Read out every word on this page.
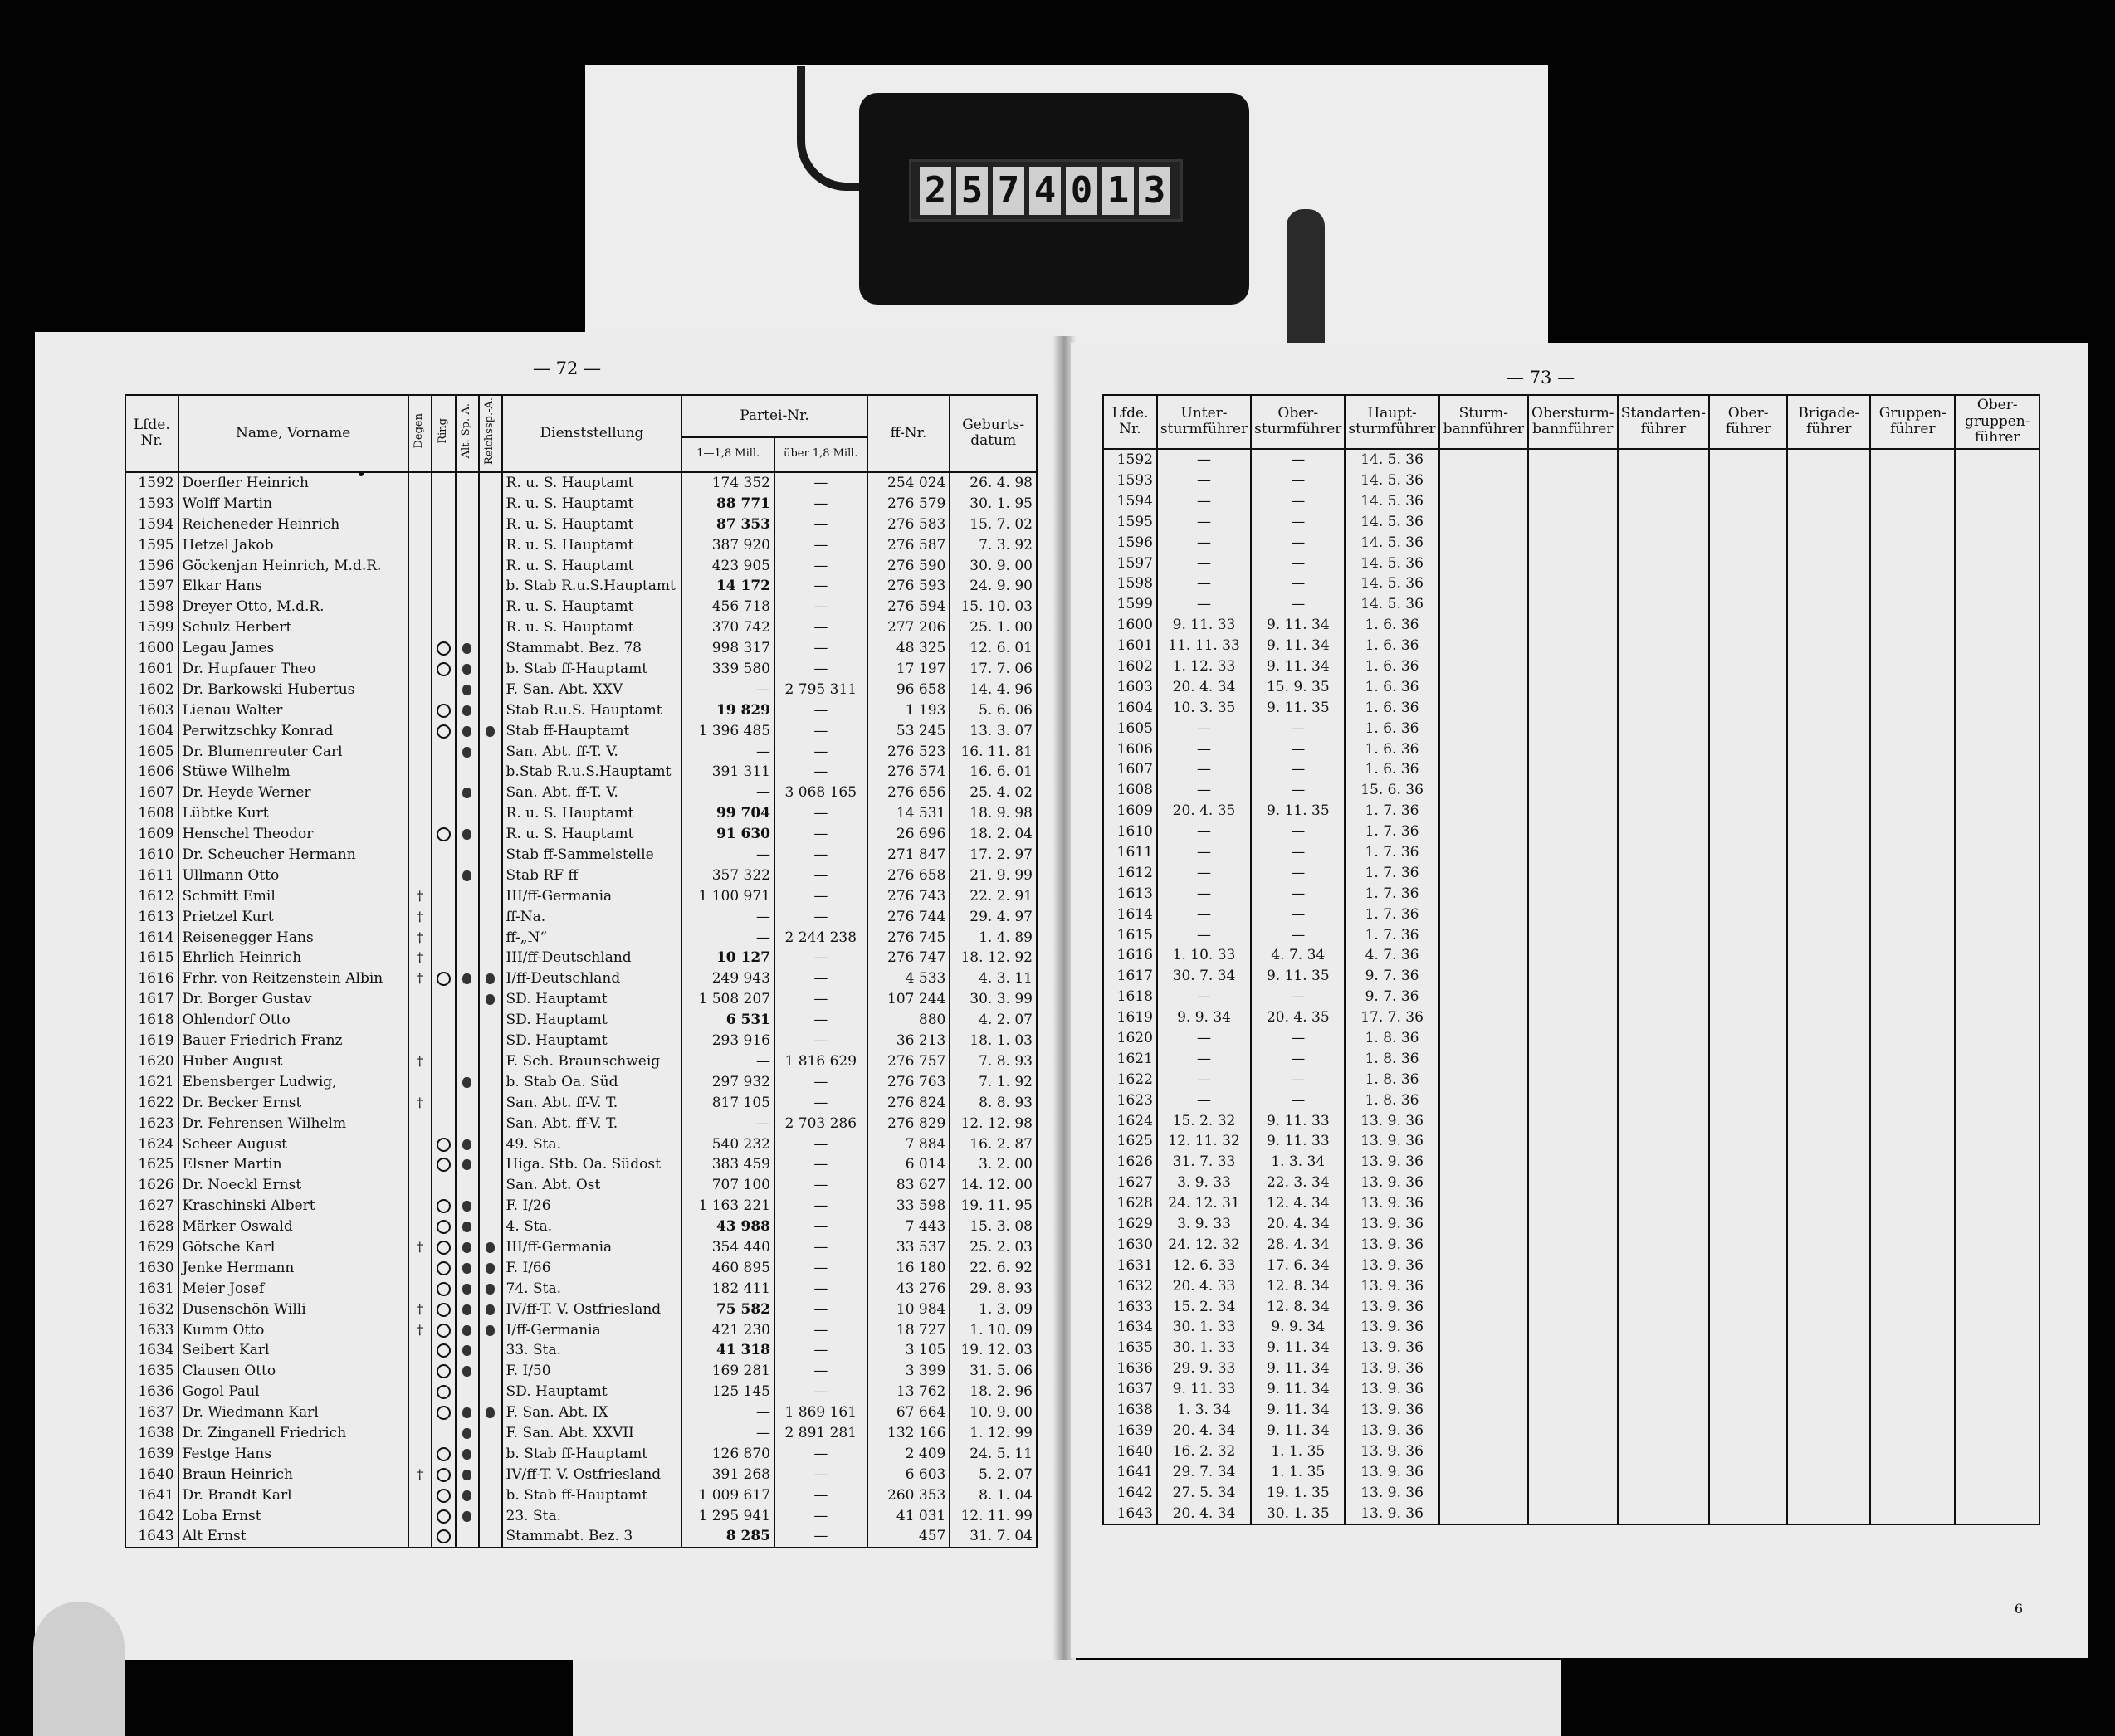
2 5 7 4 0 1 3
— 72 —
Lfde. Nr.	Name, Vorname	Degen	Ring	Alt. Sp.-A.	Reichssp.-A.	Dienststellung	Partei-Nr.		ff-Nr.	Geburts- datum
							1—1,8 Mill.	über 1,8 Mill.		
1592	Doerfler Heinrich					R. u. S. Hauptamt	174 352	—	254 024	26. 4. 98
1593	Wolff Martin					R. u. S. Hauptamt	88 771	—	276 579	30. 1. 95
1594	Reicheneder Heinrich					R. u. S. Hauptamt	87 353	—	276 583	15. 7. 02
1595	Hetzel Jakob					R. u. S. Hauptamt	387 920	—	276 587	7. 3. 92
1596	Göckenjan Heinrich, M.d.R.					R. u. S. Hauptamt	423 905	—	276 590	30. 9. 00
1597	Elkar Hans					b. Stab R.u.S.Hauptamt	14 172	—	276 593	24. 9. 90
1598	Dreyer Otto, M.d.R.					R. u. S. Hauptamt	456 718	—	276 594	15. 10. 03
1599	Schulz Herbert					R. u. S. Hauptamt	370 742	—	277 206	25. 1. 00
1600	Legau James					Stammabt. Bez. 78	998 317	—	48 325	12. 6. 01
1601	Dr. Hupfauer Theo					b. Stab ff-Hauptamt	339 580	—	17 197	17. 7. 06
1602	Dr. Barkowski Hubertus					F. San. Abt. XXV	—	2 795 311	96 658	14. 4. 96
1603	Lienau Walter					Stab R.u.S. Hauptamt	19 829	—	1 193	5. 6. 06
1604	Perwitzschky Konrad					Stab ff-Hauptamt	1 396 485	—	53 245	13. 3. 07
1605	Dr. Blumenreuter Carl					San. Abt. ff-T. V.	—	—	276 523	16. 11. 81
1606	Stüwe Wilhelm					b.Stab R.u.S.Hauptamt	391 311	—	276 574	16. 6. 01
1607	Dr. Heyde Werner					San. Abt. ff-T. V.	—	3 068 165	276 656	25. 4. 02
1608	Lübtke Kurt					R. u. S. Hauptamt	99 704	—	14 531	18. 9. 98
1609	Henschel Theodor					R. u. S. Hauptamt	91 630	—	26 696	18. 2. 04
1610	Dr. Scheucher Hermann					Stab ff-Sammelstelle	—	—	271 847	17. 2. 97
1611	Ullmann Otto					Stab RF ff	357 322	—	276 658	21. 9. 99
1612	Schmitt Emil	†				III/ff-Germania	1 100 971	—	276 743	22. 2. 91
1613	Prietzel Kurt	†				ff-Na.	—	—	276 744	29. 4. 97
1614	Reisenegger Hans	†				ff-„N“	—	2 244 238	276 745	1. 4. 89
1615	Ehrlich Heinrich	†				III/ff-Deutschland	10 127	—	276 747	18. 12. 92
1616	Frhr. von Reitzenstein Albin	†				I/ff-Deutschland	249 943	—	4 533	4. 3. 11
1617	Dr. Borger Gustav					SD. Hauptamt	1 508 207	—	107 244	30. 3. 99
1618	Ohlendorf Otto					SD. Hauptamt	6 531	—	880	4. 2. 07
1619	Bauer Friedrich Franz					SD. Hauptamt	293 916	—	36 213	18. 1. 03
1620	Huber August	†				F. Sch. Braunschweig	—	1 816 629	276 757	7. 8. 93
1621	Ebensberger Ludwig,					b. Stab Oa. Süd	297 932	—	276 763	7. 1. 92
1622	Dr. Becker Ernst	†				San. Abt. ff-V. T.	817 105	—	276 824	8. 8. 93
1623	Dr. Fehrensen Wilhelm					San. Abt. ff-V. T.	—	2 703 286	276 829	12. 12. 98
1624	Scheer August					49. Sta.	540 232	—	7 884	16. 2. 87
1625	Elsner Martin					Higa. Stb. Oa. Südost	383 459	—	6 014	3. 2. 00
1626	Dr. Noeckl Ernst					San. Abt. Ost	707 100	—	83 627	14. 12. 00
1627	Kraschinski Albert					F. I/26	1 163 221	—	33 598	19. 11. 95
1628	Märker Oswald					4. Sta.	43 988	—	7 443	15. 3. 08
1629	Götsche Karl	†				III/ff-Germania	354 440	—	33 537	25. 2. 03
1630	Jenke Hermann					F. I/66	460 895	—	16 180	22. 6. 92
1631	Meier Josef					74. Sta.	182 411	—	43 276	29. 8. 93
1632	Dusenschön Willi	†				IV/ff-T. V. Ostfriesland	75 582	—	10 984	1. 3. 09
1633	Kumm Otto	†				I/ff-Germania	421 230	—	18 727	1. 10. 09
1634	Seibert Karl					33. Sta.	41 318	—	3 105	19. 12. 03
1635	Clausen Otto					F. I/50	169 281	—	3 399	31. 5. 06
1636	Gogol Paul					SD. Hauptamt	125 145	—	13 762	18. 2. 96
1637	Dr. Wiedmann Karl					F. San. Abt. IX	—	1 869 161	67 664	10. 9. 00
1638	Dr. Zinganell Friedrich					F. San. Abt. XXVII	—	2 891 281	132 166	1. 12. 99
1639	Festge Hans					b. Stab ff-Hauptamt	126 870	—	2 409	24. 5. 11
1640	Braun Heinrich	†				IV/ff-T. V. Ostfriesland	391 268	—	6 603	5. 2. 07
1641	Dr. Brandt Karl					b. Stab ff-Hauptamt	1 009 617	—	260 353	8. 1. 04
1642	Loba Ernst					23. Sta.	1 295 941	—	41 031	12. 11. 99
1643	Alt Ernst					Stammabt. Bez. 3	8 285	—	457	31. 7. 04
— 73 —
Lfde. Nr.	Unter- sturmführer	Ober- sturmführer	Haupt- sturmführer	Sturm- bannführer	Obersturm- bannführer	Standarten- führer	Ober- führer	Brigade- führer	Gruppen- führer	Ober- gruppen- führer
1592	—	—	14. 5. 36							
1593	—	—	14. 5. 36							
1594	—	—	14. 5. 36							
1595	—	—	14. 5. 36							
1596	—	—	14. 5. 36							
1597	—	—	14. 5. 36							
1598	—	—	14. 5. 36							
1599	—	—	14. 5. 36							
1600	9. 11. 33	9. 11. 34	1. 6. 36							
1601	11. 11. 33	9. 11. 34	1. 6. 36							
1602	1. 12. 33	9. 11. 34	1. 6. 36							
1603	20. 4. 34	15. 9. 35	1. 6. 36							
1604	10. 3. 35	9. 11. 35	1. 6. 36							
1605	—	—	1. 6. 36							
1606	—	—	1. 6. 36							
1607	—	—	1. 6. 36							
1608	—	—	15. 6. 36							
1609	20. 4. 35	9. 11. 35	1. 7. 36							
1610	—	—	1. 7. 36							
1611	—	—	1. 7. 36							
1612	—	—	1. 7. 36							
1613	—	—	1. 7. 36							
1614	—	—	1. 7. 36							
1615	—	—	1. 7. 36							
1616	1. 10. 33	4. 7. 34	4. 7. 36							
1617	30. 7. 34	9. 11. 35	9. 7. 36							
1618	—	—	9. 7. 36							
1619	9. 9. 34	20. 4. 35	17. 7. 36							
1620	—	—	1. 8. 36							
1621	—	—	1. 8. 36							
1622	—	—	1. 8. 36							
1623	—	—	1. 8. 36							
1624	15. 2. 32	9. 11. 33	13. 9. 36							
1625	12. 11. 32	9. 11. 33	13. 9. 36							
1626	31. 7. 33	1. 3. 34	13. 9. 36							
1627	3. 9. 33	22. 3. 34	13. 9. 36							
1628	24. 12. 31	12. 4. 34	13. 9. 36							
1629	3. 9. 33	20. 4. 34	13. 9. 36							
1630	24. 12. 32	28. 4. 34	13. 9. 36							
1631	12. 6. 33	17. 6. 34	13. 9. 36							
1632	20. 4. 33	12. 8. 34	13. 9. 36							
1633	15. 2. 34	12. 8. 34	13. 9. 36							
1634	30. 1. 33	9. 9. 34	13. 9. 36							
1635	30. 1. 33	9. 11. 34	13. 9. 36							
1636	29. 9. 33	9. 11. 34	13. 9. 36							
1637	9. 11. 33	9. 11. 34	13. 9. 36							
1638	1. 3. 34	9. 11. 34	13. 9. 36							
1639	20. 4. 34	9. 11. 34	13. 9. 36							
1640	16. 2. 32	1. 1. 35	13. 9. 36							
1641	29. 7. 34	1. 1. 35	13. 9. 36							
1642	27. 5. 34	19. 1. 35	13. 9. 36							
1643	20. 4. 34	30. 1. 35	13. 9. 36							
6
